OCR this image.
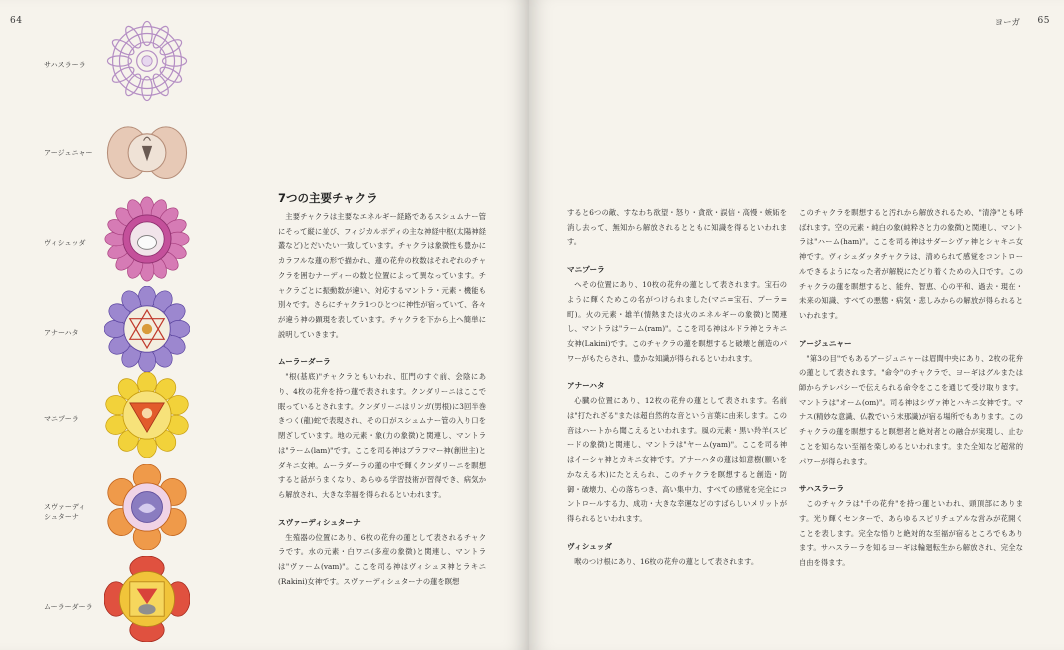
64
サハスラーラ
アージュニャー
ヴィシュッダ
アナーハタ
マニプーラ
スヴァーディ
シュターナ
ムーラーダーラ
7つの主要チャクラ

主要チャクラは主要なエネルギー経路であるスシュムナー管にそって縦に並び、フィジカルボディの主な神経中枢(太陽神経叢など)とだいたい一致しています。チャクラは象徴性も豊かにカラフルな蓮の形で描かれ、蓮の花弁の枚数はそれぞれのチャクラを囲むナーディーの数と位置によって異なっています。チャクラごとに振動数が違い、対応するマントラ・元素・機能も別々です。さらにチャクラ1つひとつに神性が宿っていて、各々が違う神の顕現を表しています。チャクラを下から上へ簡単に説明していきます。

ムーラーダーラ

"根(基底)"チャクラともいわれ、肛門のすぐ前、会陰にあり、4枚の花弁を持つ蓮で表されます。クンダリーニはここで眠っているとされます。クンダリーニはリンガ(男根)に3回半巻きつく(龍)蛇で表現され、その口がスシュムナー管の入り口を閉ざしています。地の元素・象(力の象徴)と関連し、マントラは"ラーム(lam)"です。ここを司る神はブラフマー神(創世主)とダキニ女神。ムーラダーラの蓮の中で輝くクンダリーニを瞑想すると話がうまくなり、あらゆる学習技術が習得でき、病気から解放され、大きな幸福を得られるといわれます。

スヴァーディシュターナ

生殖器の位置にあり、6枚の花弁の蓮として表されるチャクラです。水の元素・白ワニ(多産の象徴)と関連し、マントラは"ヴァーム(vam)"。ここを司る神はヴィシュヌ神とラキニ(Rakini)女神です。スヴァーディシュターナの蓮を瞑想

ヨーガ 65

すると6つの敵、すなわち欲望・怒り・貪欲・誤信・高慢・嫉妬を消し去って、無知から解放されるとともに知識を得るといわれます。

マニプーラ

へその位置にあり、10枚の花弁の蓮として表されます。宝石のように輝くためこの名がつけられました(マニ=宝石、プーラ=町)。火の元素・雄羊(情熱または火のエネルギーの象徴)と関連し、マントラは"ラーム(ram)"。ここを司る神はルドラ神とラキニ女神(Lakini)です。このチャクラの蓮を瞑想すると破壊と創造のパワーがもたらされ、豊かな知識が得られるといわれます。

アナーハタ

心臓の位置にあり、12枚の花弁の蓮として表されます。名前は"打たれざる"または超自然的な音という言葉に由来します。この音はハートから聞こえるといわれます。風の元素・黒い羚羊(スピードの象徴)と関連し、マントラは"ヤーム(yam)"。ここを司る神はイーシャ神とカキニ女神です。アナーハタの蓮は如意樹(願いをかなえる木)にたとえられ、このチャクラを瞑想すると創造・防御・破壊力、心の落ちつき、高い集中力、すべての感覚を完全にコントロールする力、成功・大きな幸運などのすばらしいメリットが得られるといわれます。

ヴィシュッダ

喉のつけ根にあり、16枚の花弁の蓮として表されます。

このチャクラを瞑想すると汚れから解放されるため、"清浄"とも呼ばれます。空の元素・純白の象(純粋さと力の象徴)と関連し、マントラは"ハーム(ham)"。ここを司る神はサダーシヴァ神とシャキニ女神です。ヴィシュダッタチャクラは、清められて感覚をコントロールできるようになった者が解脱にたどり着くための入口です。このチャクラの蓮を瞑想すると、能弁、智恵、心の平和、過去・現在・未来の知識、すべての悪態・病気・悲しみからの解放が得られるといわれます。

アージュニャー

"第3の目"でもあるアージュニャーは眉間中央にあり、2枚の花弁の蓮として表されます。"命令"のチャクラで、ヨーギはグルまたは師からテレパシーで伝えられる命令をここを通じて受け取ります。マントラは"オーム(om)"。司る神はシヴァ神とハキニ女神です。マナス(精妙な意識、仏教でいう末那識)が宿る場所でもあります。このチャクラの蓮を瞑想すると瞑想者と絶対者との融合が実現し、止むことを知らない至福を楽しめるといわれます。また全知など超常的パワーが得られます。

サハスラーラ

このチャクラは"千の花弁"を持つ蓮といわれ、頭頂部にあります。光り輝くセンターで、あらゆるスピリチュアルな営みが花開くことを表します。完全な悟りと絶対的な至福が宿るところでもあります。サハスラーラを知るヨーギは輪廻転生から解放され、完全な自由を得ます。
